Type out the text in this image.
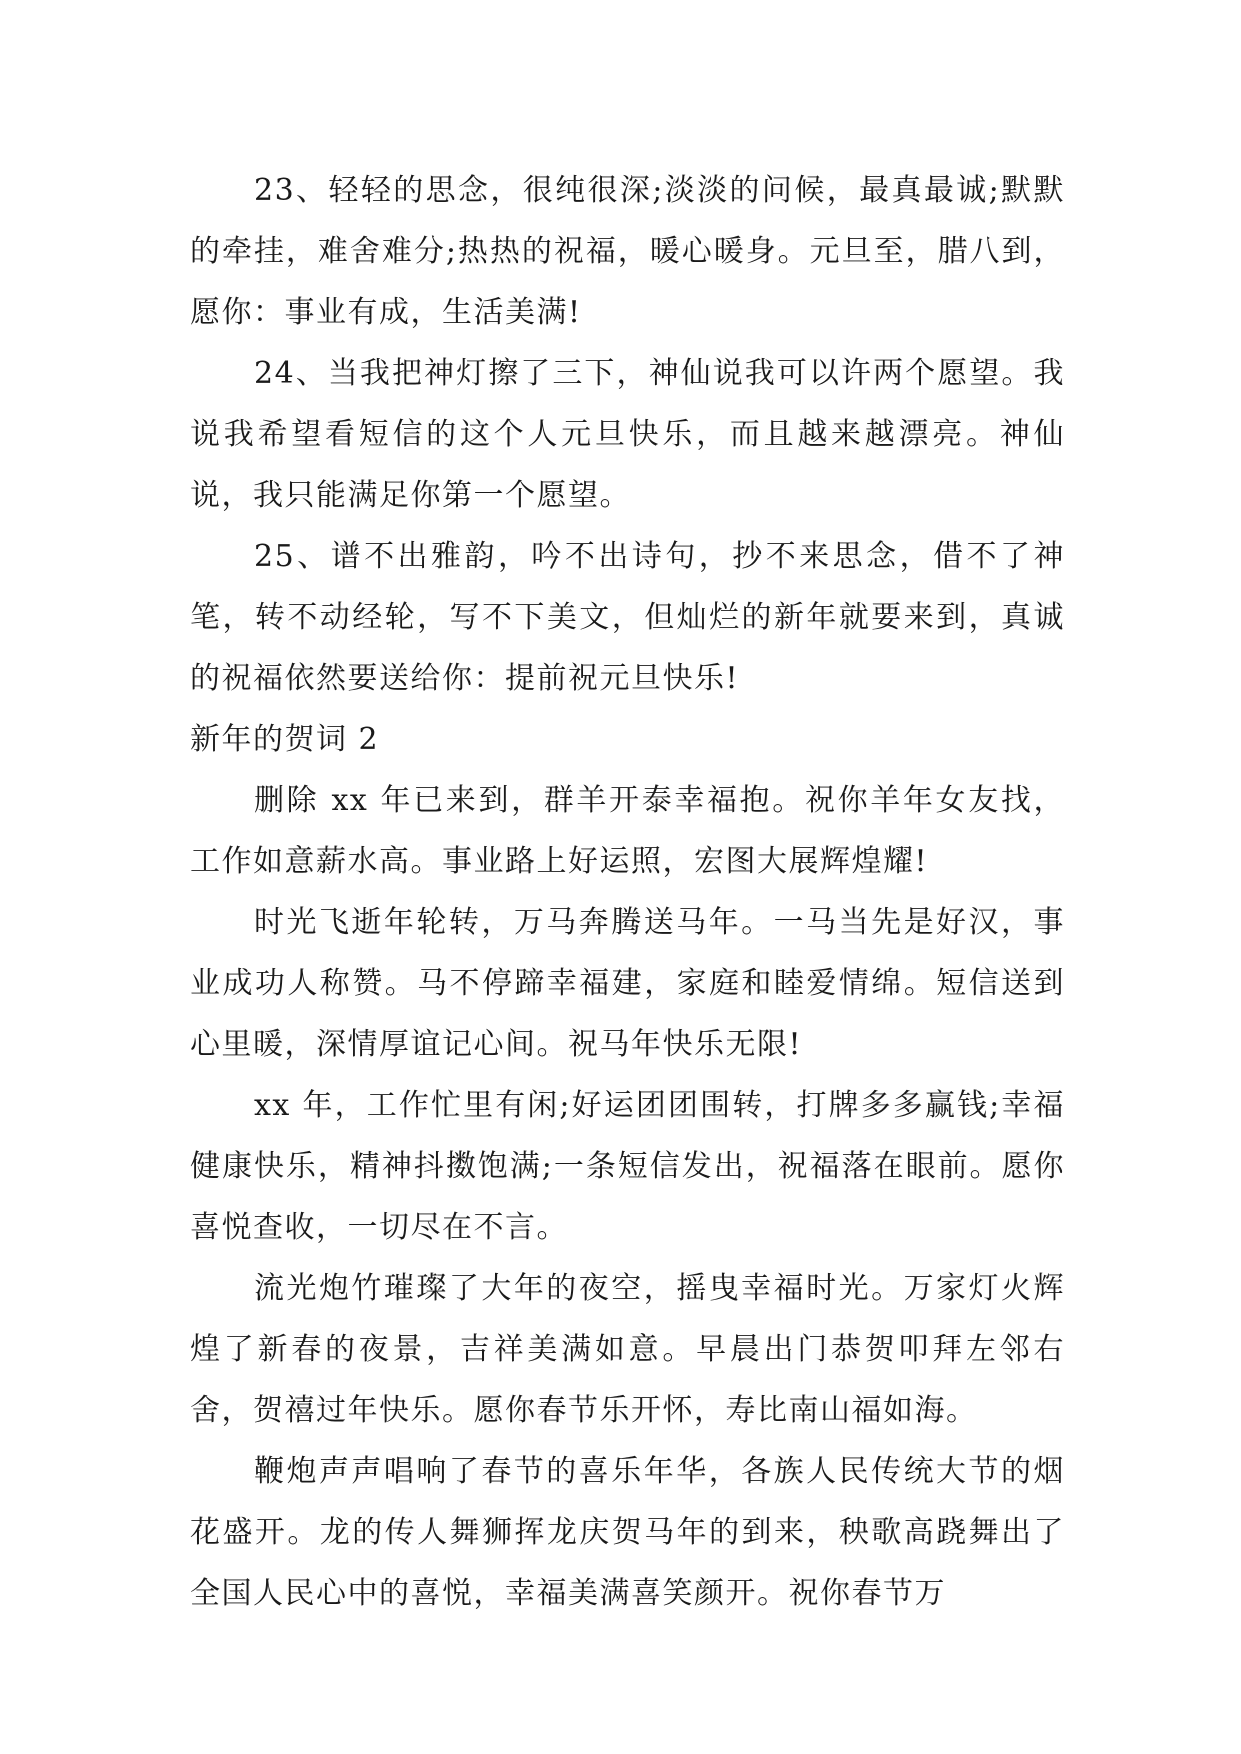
23、轻轻的思念，很纯很深;淡淡的问候，最真最诚;默默的牵挂，难舍难分;热热的祝福，暖心暖身。元旦至，腊八到，愿你：事业有成，生活美满!

24、当我把神灯擦了三下，神仙说我可以许两个愿望。我说我希望看短信的这个人元旦快乐，而且越来越漂亮。神仙说，我只能满足你第一个愿望。

25、谱不出雅韵，吟不出诗句，抄不来思念，借不了神笔，转不动经轮，写不下美文，但灿烂的新年就要来到，真诚的祝福依然要送给你：提前祝元旦快乐!

新年的贺词 2

删除 xx 年已来到，群羊开泰幸福抱。祝你羊年女友找，工作如意薪水高。事业路上好运照，宏图大展辉煌耀!

时光飞逝年轮转，万马奔腾送马年。一马当先是好汉，事业成功人称赞。马不停蹄幸福建，家庭和睦爱情绵。短信送到心里暖，深情厚谊记心间。祝马年快乐无限!

xx 年，工作忙里有闲;好运团团围转，打牌多多赢钱;幸福健康快乐，精神抖擞饱满;一条短信发出，祝福落在眼前。愿你喜悦查收，一切尽在不言。

流光炮竹璀璨了大年的夜空，摇曳幸福时光。万家灯火辉煌了新春的夜景，吉祥美满如意。早晨出门恭贺叩拜左邻右舍，贺禧过年快乐。愿你春节乐开怀，寿比南山福如海。

鞭炮声声唱响了春节的喜乐年华，各族人民传统大节的烟花盛开。龙的传人舞狮挥龙庆贺马年的到来，秧歌高跷舞出了全国人民心中的喜悦，幸福美满喜笑颜开。祝你春节万
